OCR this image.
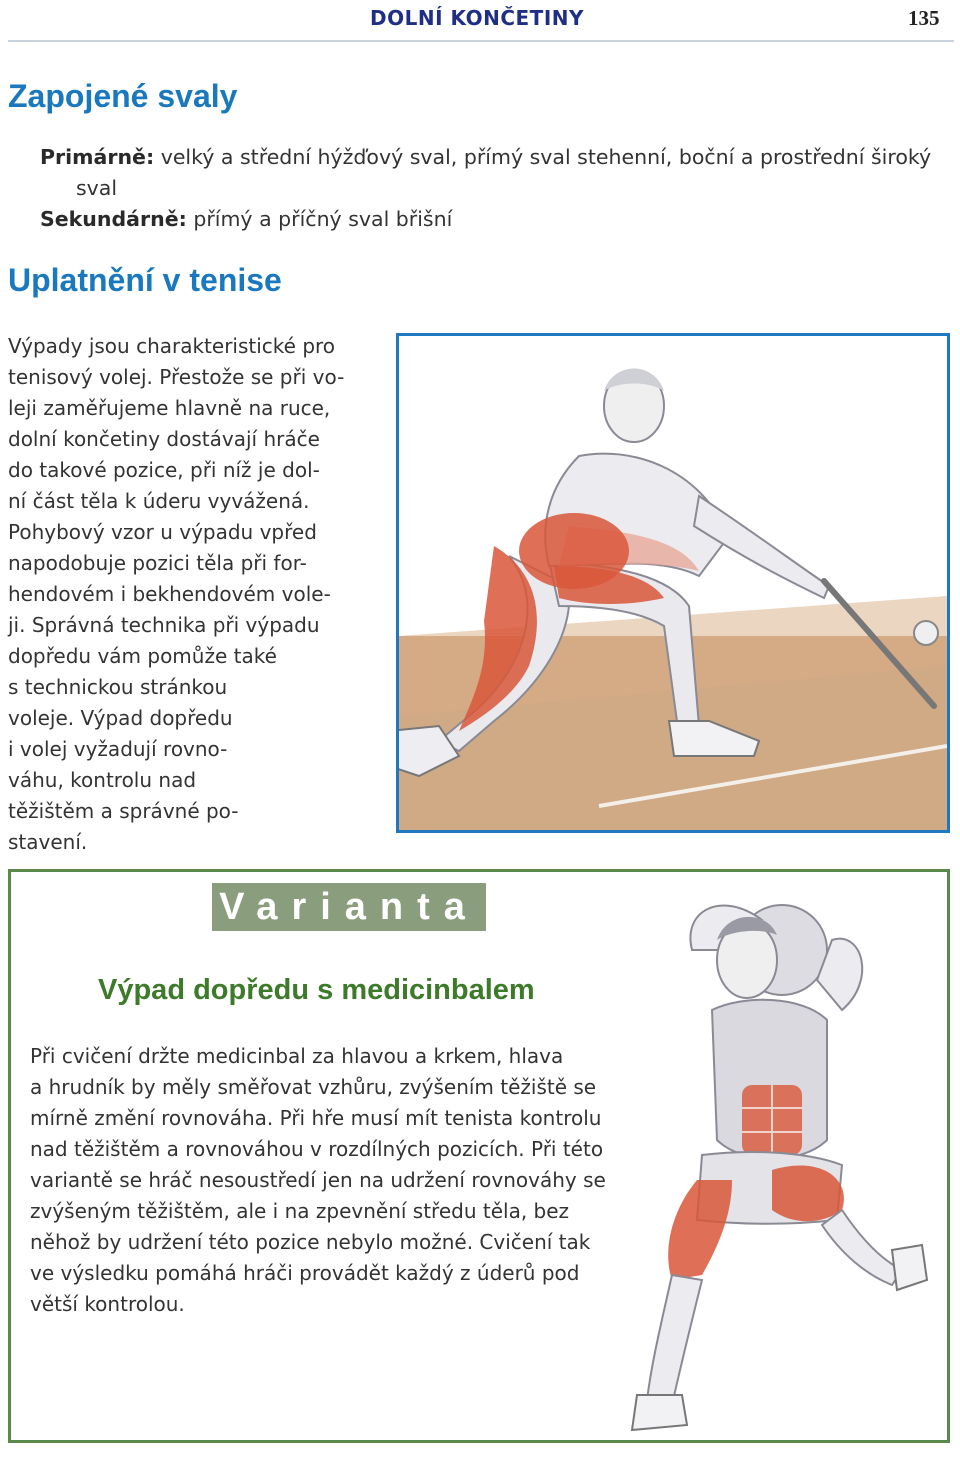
DOLNÍ KONČETINY	135
Zapojené svaly
Primárně: velký a střední hýžďový sval, přímý sval stehenní, boční a prostřední široký sval
Sekundárně: přímý a příčný sval břišní
Uplatnění v tenise

Výpady jsou charakteristické pro
tenisový volej. Přestože se při vo-
leji zaměřujeme hlavně na ruce,
dolní končetiny dostávají hráče
do takové pozice, při níž je dol-
ní část těla k úderu vyvážená.
Pohybový vzor u výpadu vpřed
napodobuje pozici těla při for-
hendovém i bekhendovém vole-
ji. Správná technika při výpadu
dopředu vám pomůže také
s technickou stránkou
voleje. Výpad dopředu
i volej vyžadují rovno-
váhu, kontrolu nad
těžištěm a správné po-
stavení.

Varianta
Výpad dopředu s medicinbalem

Při cvičení držte medicinbal za hlavou a krkem, hlava
a hrudník by měly směřovat vzhůru, zvýšením těžiště se
mírně změní rovnováha. Při hře musí mít tenista kontrolu
nad těžištěm a rovnováhou v rozdílných pozicích. Při této
variantě se hráč nesoustředí jen na udržení rovnováhy se
zvýšeným těžištěm, ale i na zpevnění středu těla, bez
něhož by udržení této pozice nebylo možné. Cvičení tak
ve výsledku pomáhá hráči provádět každý z úderů pod
větší kontrolou.
